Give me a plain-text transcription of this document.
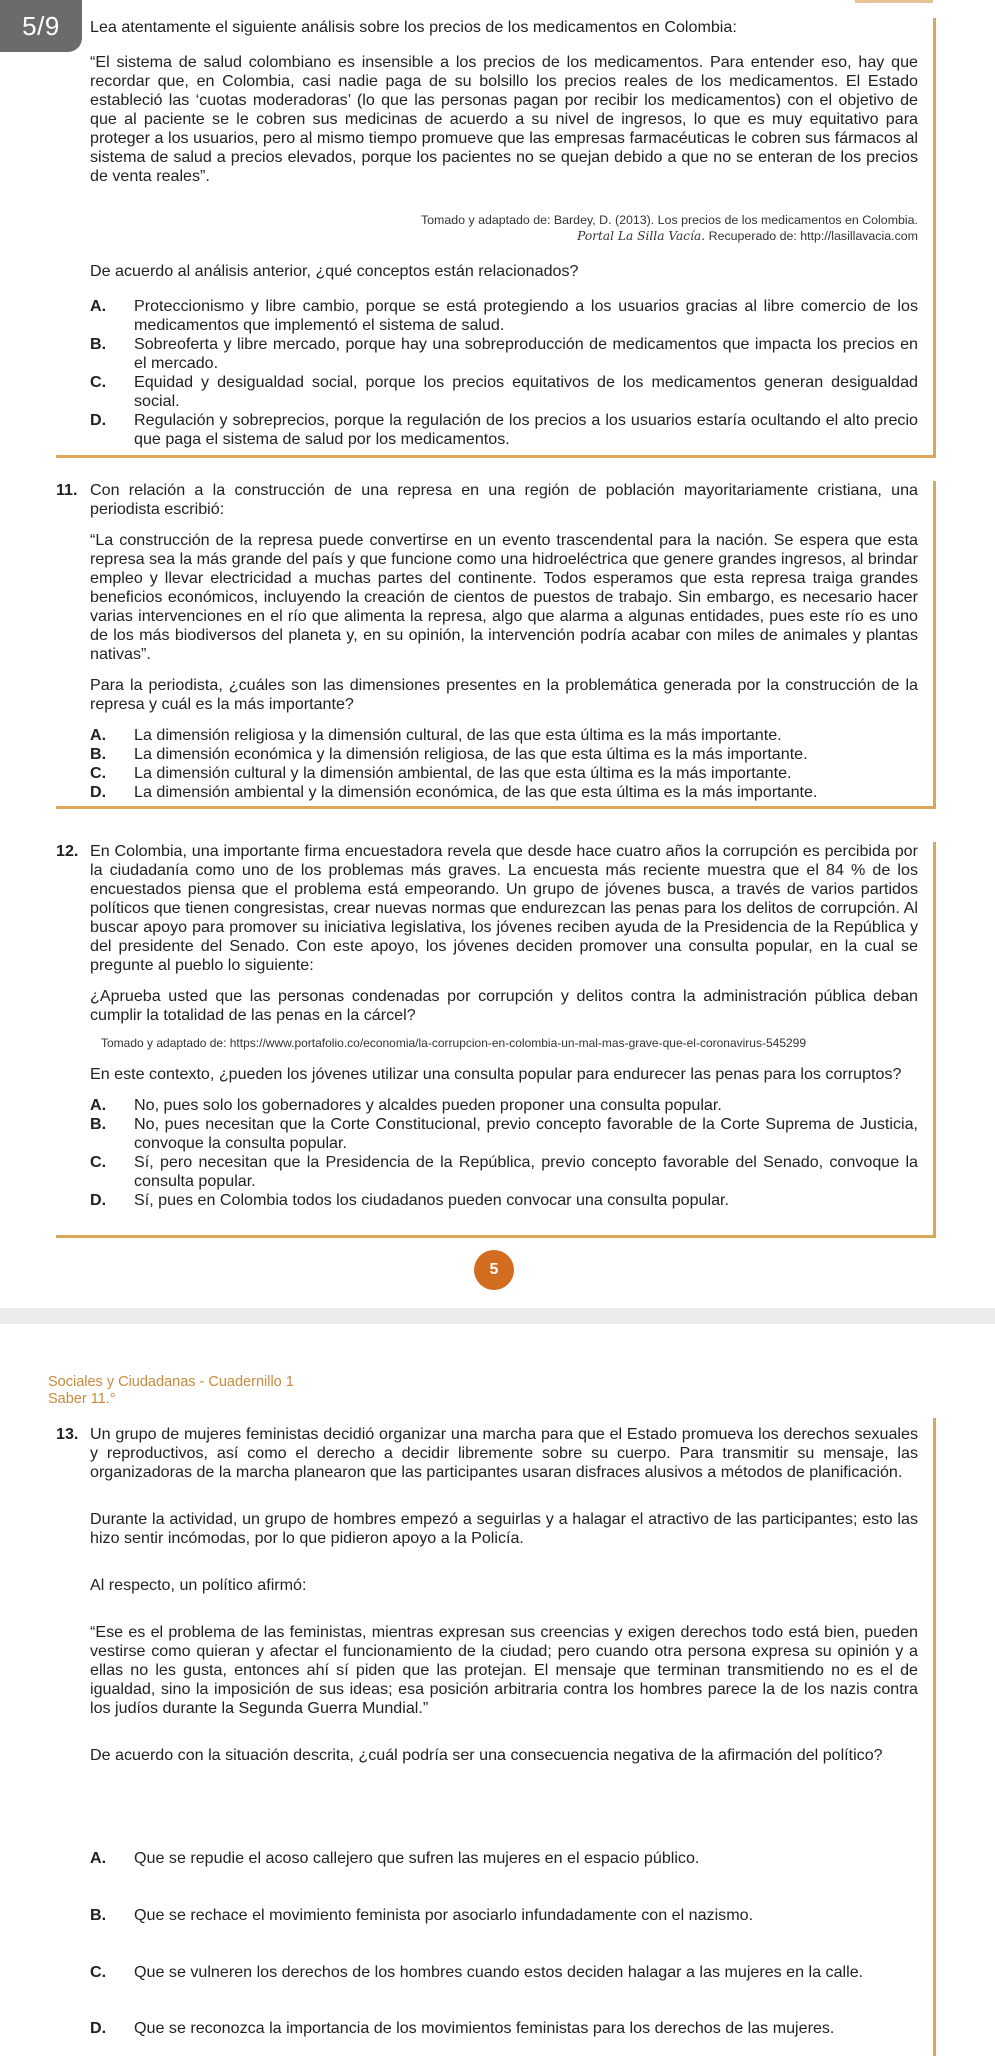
5/9	Lea atentamente el siguiente análisis sobre los precios de los medicamentos en Colombia:

“El sistema de salud colombiano es insensible a los precios de los medicamentos. Para entender eso, hay que recordar que, en Colombia, casi nadie paga de su bolsillo los precios reales de los medicamentos. El Estado estableció las ‘cuotas moderadoras’ (lo que las personas pagan por recibir los medicamentos) con el objetivo de que al paciente se le cobren sus medicinas de acuerdo a su nivel de ingresos, lo que es muy equitativo para proteger a los usuarios, pero al mismo tiempo promueve que las empresas farmacéuticas le cobren sus fármacos al sistema de salud a precios elevados, porque los pacientes no se quejan debido a que no se enteran de los precios de venta reales”.

Tomado y adaptado de: Bardey, D. (2013). Los precios de los medicamentos en Colombia.
Portal La Silla Vacía. Recuperado de: http://lasillavacia.com

De acuerdo al análisis anterior, ¿qué conceptos están relacionados?

A. Proteccionismo y libre cambio, porque se está protegiendo a los usuarios gracias al libre comercio de los medicamentos que implementó el sistema de salud.
B. Sobreoferta y libre mercado, porque hay una sobreproducción de medicamentos que impacta los precios en el mercado.
C. Equidad y desigualdad social, porque los precios equitativos de los medicamentos generan desigualdad social.
D. Regulación y sobreprecios, porque la regulación de los precios a los usuarios estaría ocultando el alto precio que paga el sistema de salud por los medicamentos.
11. Con relación a la construcción de una represa en una región de población mayoritariamente cristiana, una periodista escribió:

“La construcción de la represa puede convertirse en un evento trascendental para la nación. Se espera que esta represa sea la más grande del país y que funcione como una hidroeléctrica que genere grandes ingresos, al brindar empleo y llevar electricidad a muchas partes del continente. Todos esperamos que esta represa traiga grandes beneficios económicos, incluyendo la creación de cientos de puestos de trabajo. Sin embargo, es necesario hacer varias intervenciones en el río que alimenta la represa, algo que alarma a algunas entidades, pues este río es uno de los más biodiversos del planeta y, en su opinión, la intervención podría acabar con miles de animales y plantas nativas”.

Para la periodista, ¿cuáles son las dimensiones presentes en la problemática generada por la construcción de la represa y cuál es la más importante?

A. La dimensión religiosa y la dimensión cultural, de las que esta última es la más importante.
B. La dimensión económica y la dimensión religiosa, de las que esta última es la más importante.
C. La dimensión cultural y la dimensión ambiental, de las que esta última es la más importante.
D. La dimensión ambiental y la dimensión económica, de las que esta última es la más importante.
12. En Colombia, una importante firma encuestadora revela que desde hace cuatro años la corrupción es percibida por la ciudadanía como uno de los problemas más graves. La encuesta más reciente muestra que el 84 % de los encuestados piensa que el problema está empeorando. Un grupo de jóvenes busca, a través de varios partidos políticos que tienen congresistas, crear nuevas normas que endurezcan las penas para los delitos de corrupción. Al buscar apoyo para promover su iniciativa legislativa, los jóvenes reciben ayuda de la Presidencia de la República y del presidente del Senado. Con este apoyo, los jóvenes deciden promover una consulta popular, en la cual se pregunte al pueblo lo siguiente:

¿Aprueba usted que las personas condenadas por corrupción y delitos contra la administración pública deban cumplir la totalidad de las penas en la cárcel?

Tomado y adaptado de: https://www.portafolio.co/economia/la-corrupcion-en-colombia-un-mal-mas-grave-que-el-coronavirus-545299

En este contexto, ¿pueden los jóvenes utilizar una consulta popular para endurecer las penas para los corruptos?

A. No, pues solo los gobernadores y alcaldes pueden proponer una consulta popular.
B. No, pues necesitan que la Corte Constitucional, previo concepto favorable de la Corte Suprema de Justicia, convoque la consulta popular.
C. Sí, pero necesitan que la Presidencia de la República, previo concepto favorable del Senado, convoque la consulta popular.
D. Sí, pues en Colombia todos los ciudadanos pueden convocar una consulta popular.
5
Sociales y Ciudadanas - Cuadernillo 1
Saber 11.°
13. Un grupo de mujeres feministas decidió organizar una marcha para que el Estado promueva los derechos sexuales y reproductivos, así como el derecho a decidir libremente sobre su cuerpo. Para transmitir su mensaje, las organizadoras de la marcha planearon que las participantes usaran disfraces alusivos a métodos de planificación.

Durante la actividad, un grupo de hombres empezó a seguirlas y a halagar el atractivo de las participantes; esto las hizo sentir incómodas, por lo que pidieron apoyo a la Policía.

Al respecto, un político afirmó:

“Ese es el problema de las feministas, mientras expresan sus creencias y exigen derechos todo está bien, pueden vestirse como quieran y afectar el funcionamiento de la ciudad; pero cuando otra persona expresa su opinión y a ellas no les gusta, entonces ahí sí piden que las protejan. El mensaje que terminan transmitiendo no es el de igualdad, sino la imposición de sus ideas; esa posición arbitraria contra los hombres parece la de los nazis contra los judíos durante la Segunda Guerra Mundial.”

De acuerdo con la situación descrita, ¿cuál podría ser una consecuencia negativa de la afirmación del político?

A.	Que se repudie el acoso callejero que sufren las mujeres en el espacio público.
B.	Que se rechace el movimiento feminista por asociarlo infundadamente con el nazismo.
C.	Que se vulneren los derechos de los hombres cuando estos deciden halagar a las mujeres en la calle.
D.	Que se reconozca la importancia de los movimientos feministas para los derechos de las mujeres.
